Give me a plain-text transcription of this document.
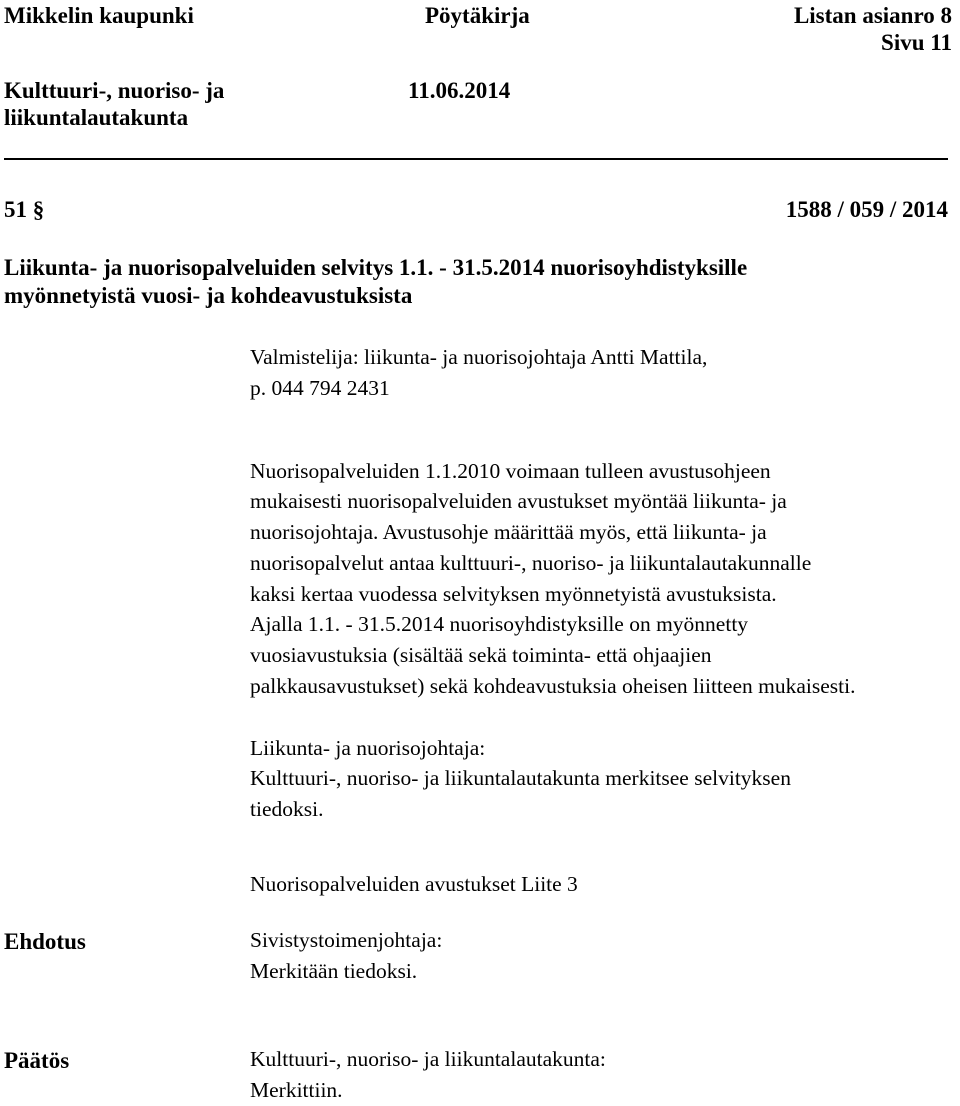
Mikkelin kaupunki	Pöytäkirja	Listan asianro 8
Sivu 11
Kulttuuri-, nuoriso- ja
liikuntalautakunta
11.06.2014
51 §	1588 / 059 / 2014
Liikunta- ja nuorisopalveluiden selvitys 1.1. - 31.5.2014 nuorisoyhdistyksille
myönnetyistä vuosi- ja kohdeavustuksista
Valmistelija: liikunta- ja nuorisojohtaja Antti Mattila,
p. 044 794 2431
Nuorisopalveluiden 1.1.2010 voimaan tulleen avustusohjeen
mukaisesti nuorisopalveluiden avustukset myöntää liikunta- ja
nuorisojohtaja. Avustusohje määrittää myös, että liikunta- ja
nuorisopalvelut antaa kulttuuri-, nuoriso- ja liikuntalautakunnalle
kaksi kertaa vuodessa selvityksen myönnetyistä avustuksista.
Ajalla 1.1. - 31.5.2014 nuorisoyhdistyksille on myönnetty
vuosiavustuksia (sisältää sekä toiminta- että ohjaajien
palkkausavustukset) sekä kohdeavustuksia oheisen liitteen mukaisesti.
Liikunta- ja nuorisojohtaja:
Kulttuuri-, nuoriso- ja liikuntalautakunta merkitsee selvityksen
tiedoksi.
Nuorisopalveluiden avustukset Liite 3
Ehdotus	Sivistystoimenjohtaja:
Merkitään tiedoksi.
Päätös	Kulttuuri-, nuoriso- ja liikuntalautakunta:
Merkittiin.
